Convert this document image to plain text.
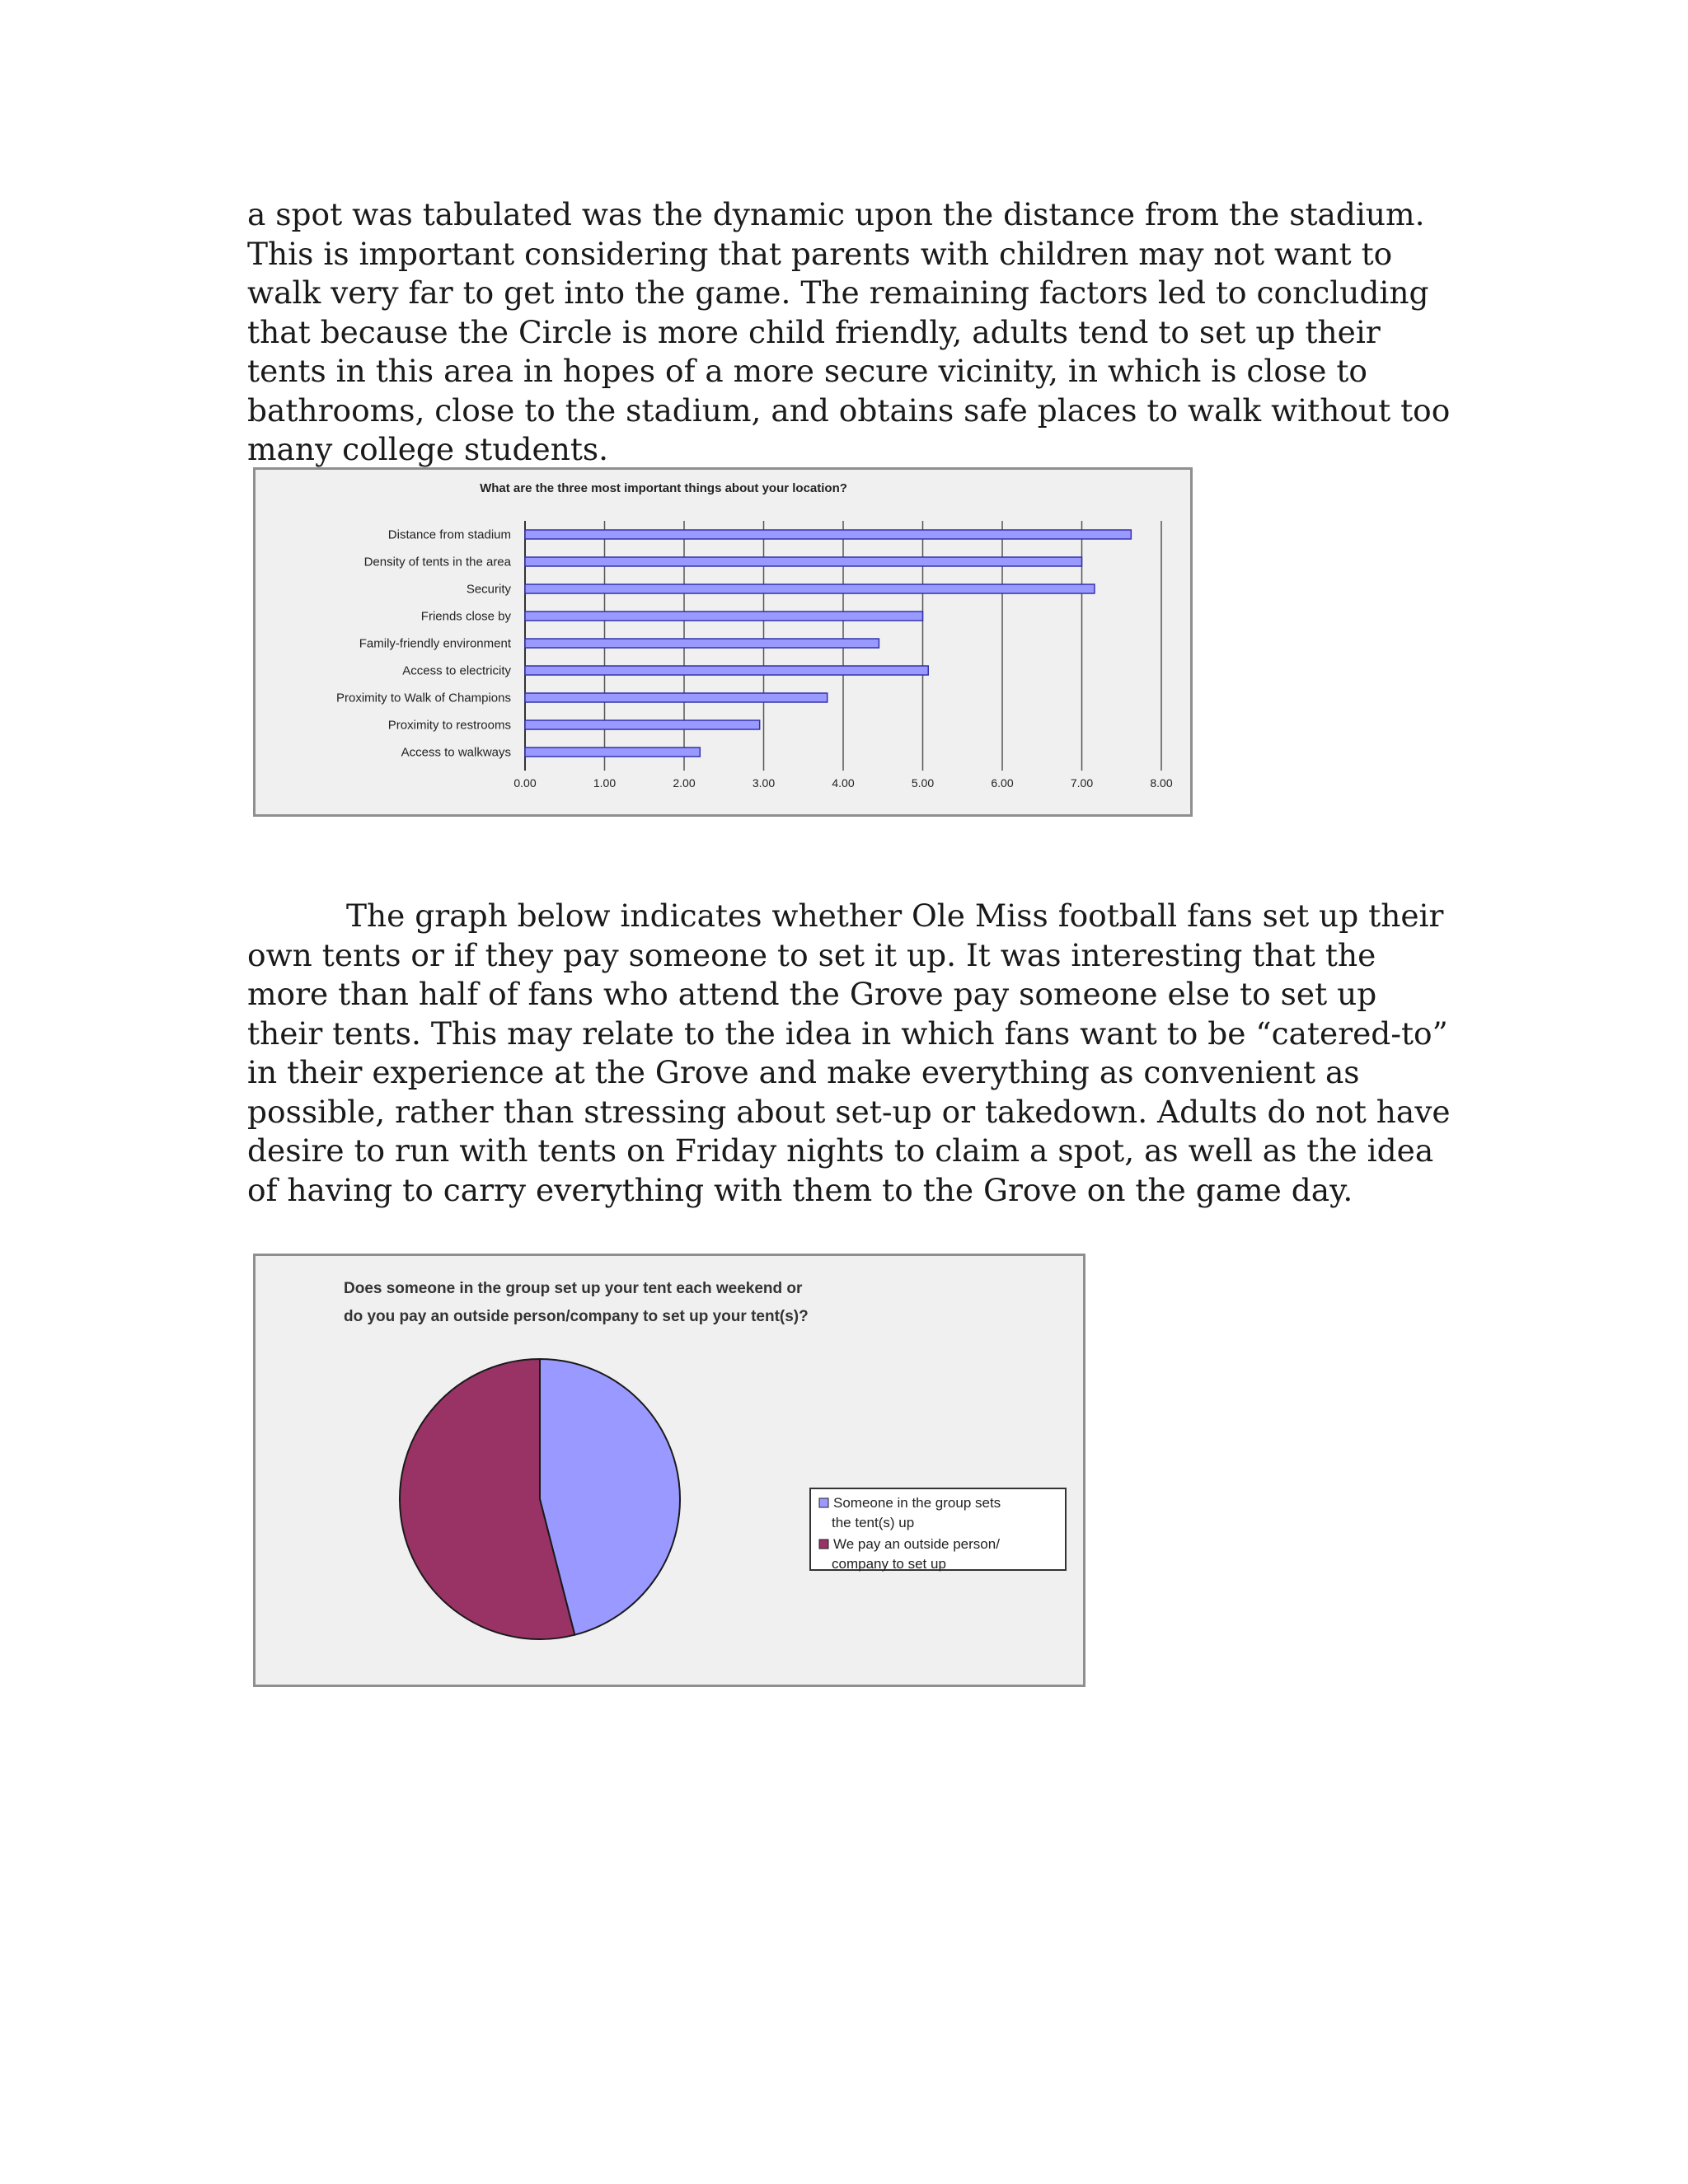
a spot was tabulated was the dynamic upon the distance from the stadium. This is important considering that parents with children may not want to walk very far to get into the game. The remaining factors led to concluding that because the Circle is more child friendly, adults tend to set up their tents in this area in hopes of a more secure vicinity, in which is close to bathrooms, close to the stadium, and obtains safe places to walk without too many college students.

What are the three most important things about your location?
0.00	1.00	2.00	3.00	4.00	5.00	6.00	7.00	8.00
Distance from stadium
Density of tents in the area
Security
Friends close by
Family-friendly environment
Access to electricity
Proximity to Walk of Champions
Proximity to restrooms
Access to walkways

The graph below indicates whether Ole Miss football fans set up their own tents or if they pay someone to set it up. It was interesting that the more than half of fans who attend the Grove pay someone else to set up their tents. This may relate to the idea in which fans want to be “catered-to” in their experience at the Grove and make everything as convenient as possible, rather than stressing about set-up or takedown. Adults do not have desire to run with tents on Friday nights to claim a spot, as well as the idea of having to carry everything with them to the Grove on the game day.

Does someone in the group set up your tent each weekend or
do you pay an outside person/company to set up your tent(s)?
Someone in the group sets
the tent(s) up
We pay an outside person/
company to set up
